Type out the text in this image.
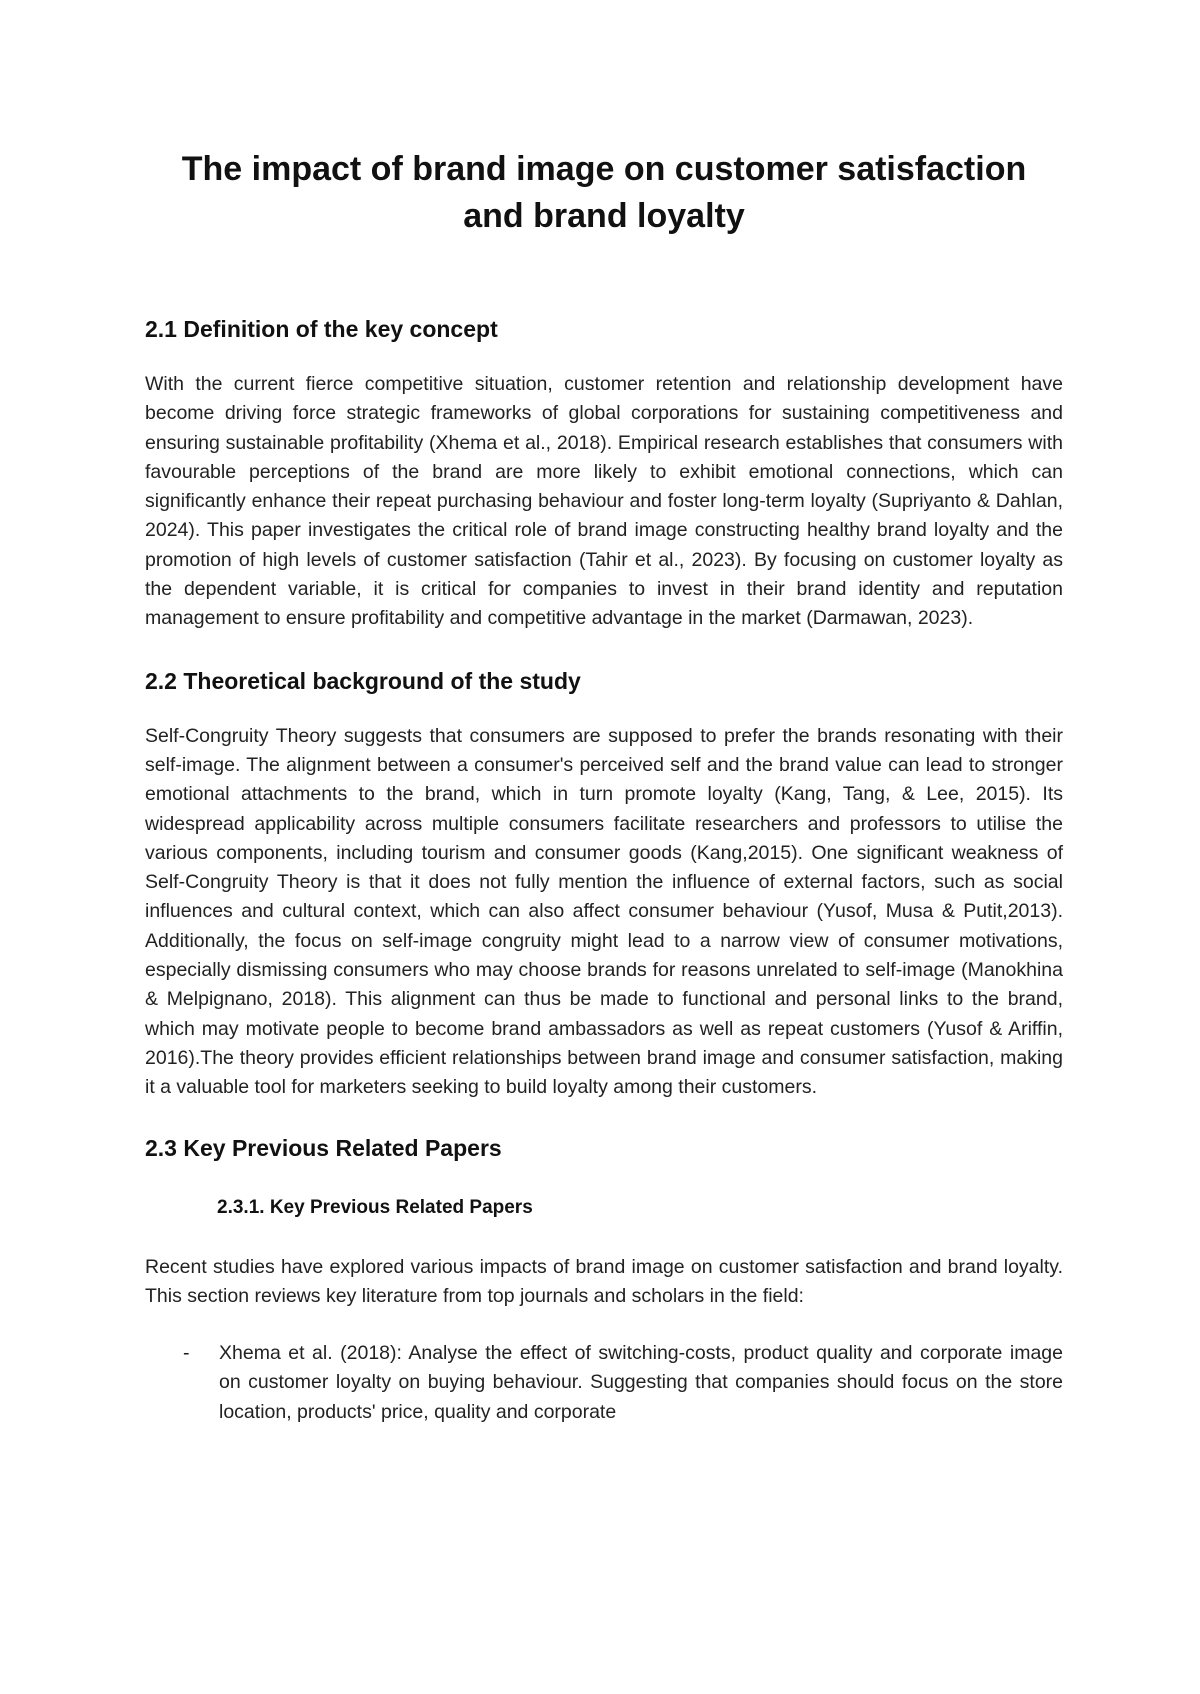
The impact of brand image on customer satisfaction
and brand loyalty
2.1 Definition of the key concept

With the current fierce competitive situation, customer retention and relationship development have become driving force strategic frameworks of global corporations for sustaining competitiveness and ensuring sustainable profitability (Xhema et al., 2018). Empirical research establishes that consumers with favourable perceptions of the brand are more likely to exhibit emotional connections, which can significantly enhance their repeat purchasing behaviour and foster long-term loyalty (Supriyanto & Dahlan, 2024). This paper investigates the critical role of brand image constructing healthy brand loyalty and the promotion of high levels of customer satisfaction (Tahir et al., 2023). By focusing on customer loyalty as the dependent variable, it is critical for companies to invest in their brand identity and reputation management to ensure profitability and competitive advantage in the market (Darmawan, 2023).

2.2 Theoretical background of the study

Self-Congruity Theory suggests that consumers are supposed to prefer the brands resonating with their self-image. The alignment between a consumer's perceived self and the brand value can lead to stronger emotional attachments to the brand, which in turn promote loyalty (Kang, Tang, & Lee, 2015). Its widespread applicability across multiple consumers facilitate researchers and professors to utilise the various components, including tourism and consumer goods (Kang,2015). One significant weakness of Self-Congruity Theory is that it does not fully mention the influence of external factors, such as social influences and cultural context, which can also affect consumer behaviour (Yusof, Musa & Putit,2013). Additionally, the focus on self-image congruity might lead to a narrow view of consumer motivations, especially dismissing consumers who may choose brands for reasons unrelated to self-image (Manokhina & Melpignano, 2018). This alignment can thus be made to functional and personal links to the brand, which may motivate people to become brand ambassadors as well as repeat customers (Yusof & Ariffin, 2016).The theory provides efficient relationships between brand image and consumer satisfaction, making it a valuable tool for marketers seeking to build loyalty among their customers.

2.3 Key Previous Related Papers
2.3.1. Key Previous Related Papers

Recent studies have explored various impacts of brand image on customer satisfaction and brand loyalty. This section reviews key literature from top journals and scholars in the field:

- Xhema et al. (2018): Analyse the effect of switching-costs, product quality and corporate image on customer loyalty on buying behaviour. Suggesting that companies should focus on the store location, products' price, quality and corporate
